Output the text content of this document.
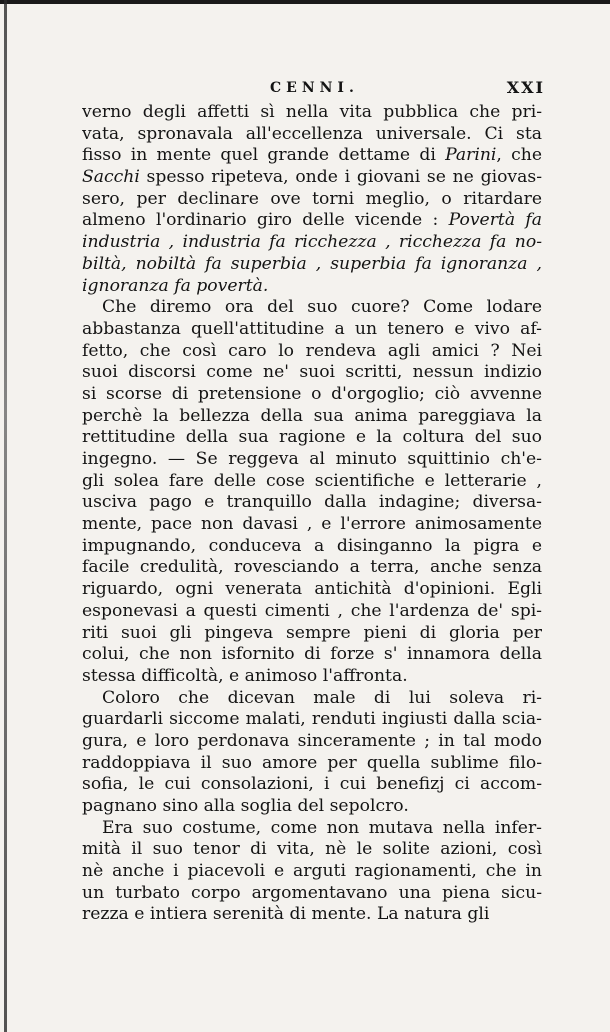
CENNI.	XXI
verno degli affetti sì nella vita pubblica che pri-
vata, spronavala all'eccellenza universale. Ci sta
fisso in mente quel grande dettame di Parini, che
Sacchi spesso ripeteva, onde i giovani se ne giovas-
sero, per declinare ove torni meglio, o ritardare
almeno l'ordinario giro delle vicende : Povertà fa
industria , industria fa ricchezza , ricchezza fa no-
biltà, nobiltà fa superbia , superbia fa ignoranza ,
ignoranza fa povertà.
Che diremo ora del suo cuore? Come lodare
abbastanza quell'attitudine a un tenero e vivo af-
fetto, che così caro lo rendeva agli amici ? Nei
suoi discorsi come ne' suoi scritti, nessun indizio
si scorse di pretensione o d'orgoglio; ciò avvenne
perchè la bellezza della sua anima pareggiava la
rettitudine della sua ragione e la coltura del suo
ingegno. — Se reggeva al minuto squittinio ch'e-
gli solea fare delle cose scientifiche e letterarie ,
usciva pago e tranquillo dalla indagine; diversa-
mente, pace non davasi , e l'errore animosamente
impugnando, conduceva a disinganno la pigra e
facile credulità, rovesciando a terra, anche senza
riguardo, ogni venerata antichità d'opinioni. Egli
esponevasi a questi cimenti , che l'ardenza de' spi-
riti suoi gli pingeva sempre pieni di gloria per
colui, che non isfornito di forze s' innamora della
stessa difficoltà, e animoso l'affronta.
Coloro che dicevan male di lui soleva ri-
guardarli siccome malati, renduti ingiusti dalla scia-
gura, e loro perdonava sinceramente ; in tal modo
raddoppiava il suo amore per quella sublime filo-
sofia, le cui consolazioni, i cui benefizj ci accom-
pagnano sino alla soglia del sepolcro.
Era suo costume, come non mutava nella infer-
mità il suo tenor di vita, nè le solite azioni, così
nè anche i piacevoli e arguti ragionamenti, che in
un turbato corpo argomentavano una piena sicu-
rezza e intiera serenità di mente. La natura gli
